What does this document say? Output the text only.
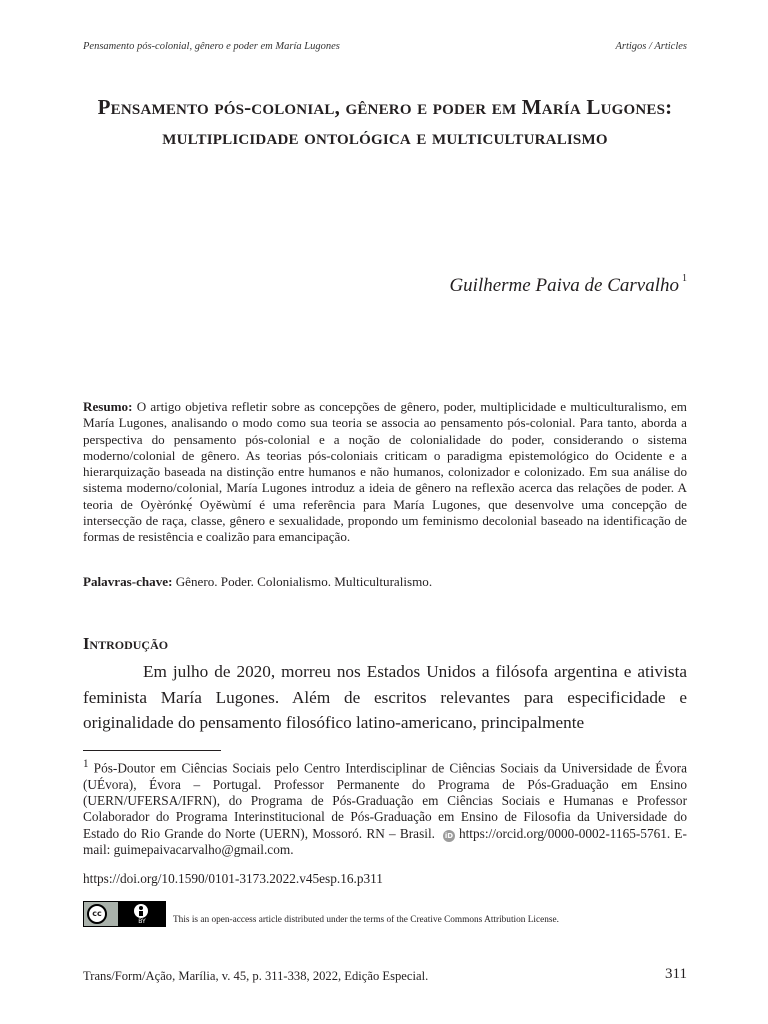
Pensamento pós-colonial, gênero e poder em María Lugones	Artigos / Articles
Pensamento pós-colonial, gênero e poder em María Lugones: multiplicidade ontológica e multiculturalismo
Guilherme Paiva de Carvalho $^1$
Resumo: O artigo objetiva refletir sobre as concepções de gênero, poder, multiplicidade e multiculturalismo, em María Lugones, analisando o modo como sua teoria se associa ao pensamento pós-colonial. Para tanto, aborda a perspectiva do pensamento pós-colonial e a noção de colonialidade do poder, considerando o sistema moderno/colonial de gênero. As teorias pós-coloniais criticam o paradigma epistemológico do Ocidente e a hierarquização baseada na distinção entre humanos e não humanos, colonizador e colonizado. Em sua análise do sistema moderno/colonial, María Lugones introduz a ideia de gênero na reflexão acerca das relações de poder. A teoria de Oyèrónkẹ́ Oyěwùmí é uma referência para María Lugones, que desenvolve uma concepção de intersecção de raça, classe, gênero e sexualidade, propondo um feminismo decolonial baseado na identificação de formas de resistência e coalizão para emancipação.
Palavras-chave: Gênero. Poder. Colonialismo. Multiculturalismo.
Introdução

Em julho de 2020, morreu nos Estados Unidos a filósofa argentina e ativista feminista María Lugones. Além de escritos relevantes para especificidade e originalidade do pensamento filosófico latino-americano, principalmente

$^1$ Pós-Doutor em Ciências Sociais pelo Centro Interdisciplinar de Ciências Sociais da Universidade de Évora (UÉvora), Évora – Portugal. Professor Permanente do Programa de Pós-Graduação em Ensino (UERN/UFERSA/IFRN), do Programa de Pós-Graduação em Ciências Sociais e Humanas e Professor Colaborador do Programa Interinstitucional de Pós-Graduação em Ensino de Filosofia da Universidade do Estado do Rio Grande do Norte (UERN), Mossoró. RN – Brasil. iD https://orcid.org/0000-0002-1165-5761. E-mail: guimepaivacarvalho@gmail.com.
https://doi.org/10.1590/0101-3173.2022.v45esp.16.p311
cc
BY	This is an open-access article distributed under the terms of the Creative Commons Attribution License.
Trans/Form/Ação, Marília, v. 45, p. 311-338, 2022, Edição Especial.	311
